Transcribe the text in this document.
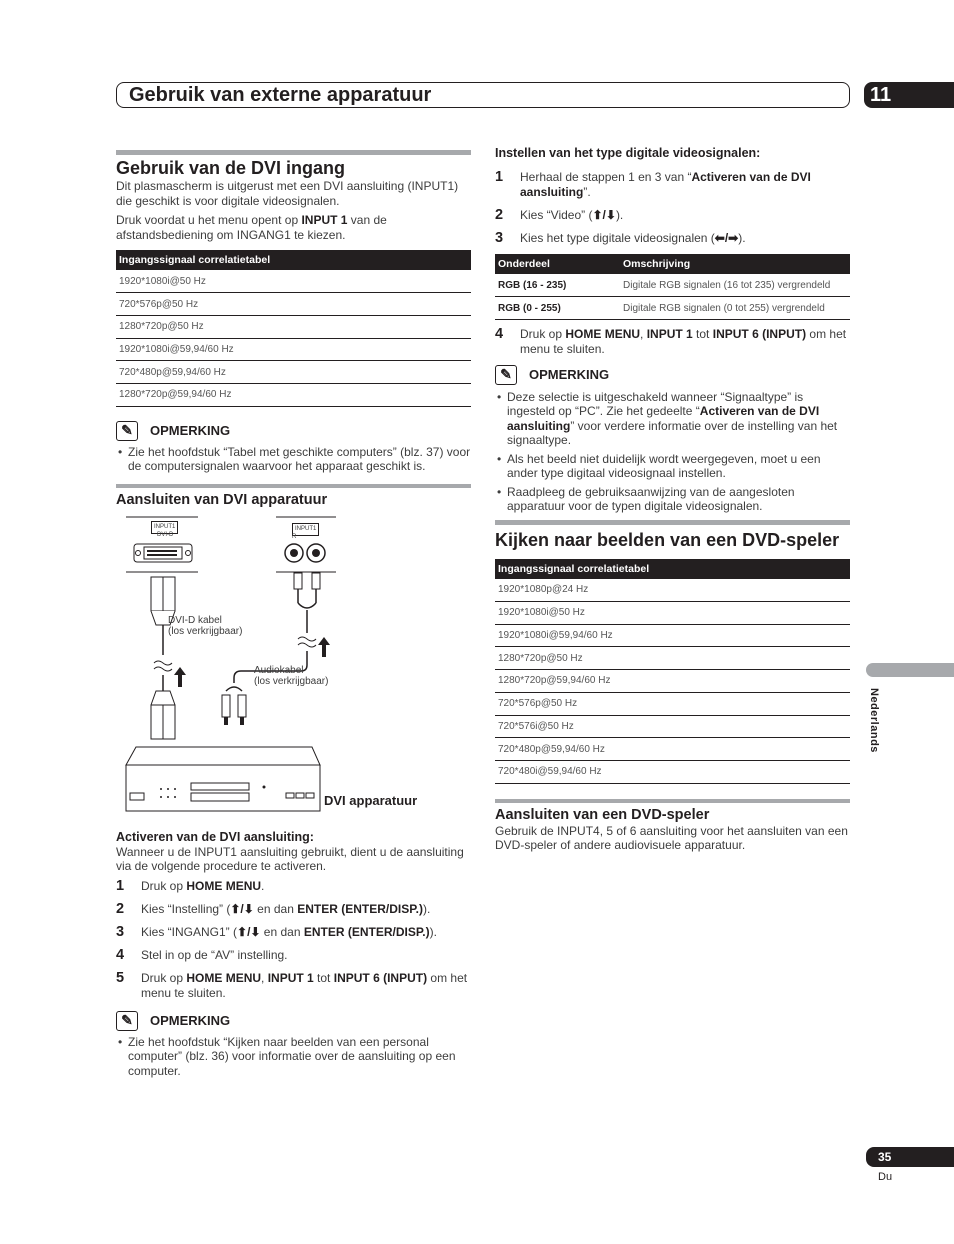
Gebruik van externe apparatuur	11
Gebruik van de DVI ingang

Dit plasmascherm is uitgerust met een DVI aansluiting (INPUT1) die geschikt is voor digitale videosignalen.

Druk voordat u het menu opent op INPUT 1 van de afstandsbediening om INGANG1 te kiezen.

Ingangssignaal correlatietabel
1920*1080i@50 Hz
720*576p@50 Hz
1280*720p@50 Hz
1920*1080i@59,94/60 Hz
720*480p@59,94/60 Hz
1280*720p@59,94/60 Hz
✎	OPMERKING
• Zie het hoofdstuk “Tabel met geschikte computers” (blz. 37) voor de computersignalen waarvoor het apparaat geschikt is.
Aansluiten van DVI apparatuur
INPUT1
DVI-D
INPUT1
R
DVI-D kabel
(los verkrijgbaar)
Audiokabel
(los verkrijgbaar)
DVI apparatuur
Activeren van de DVI aansluiting:

Wanneer u de INPUT1 aansluiting gebruikt, dient u de aansluiting via de volgende procedure te activeren.

1	Druk op HOME MENU.
2	Kies “Instelling” (⬆/⬇ en dan ENTER (ENTER/DISP.)).
3	Kies “INGANG1” (⬆/⬇ en dan ENTER (ENTER/DISP.)).
4	Stel in op de “AV” instelling.
5	Druk op HOME MENU, INPUT 1 tot INPUT 6 (INPUT) om het menu te sluiten.
✎	OPMERKING
• Zie het hoofdstuk “Kijken naar beelden van een personal computer” (blz. 36) voor informatie over de aansluiting op een computer.
Instellen van het type digitale videosignalen:
1	Herhaal de stappen 1 en 3 van “Activeren van de DVI aansluiting”.
2	Kies “Video” (⬆/⬇).
3	Kies het type digitale videosignalen (⬅/➡).
Onderdeel	Omschrijving
RGB (16 - 235)	Digitale RGB signalen (16 tot 235) vergrendeld
RGB (0 - 255)	Digitale RGB signalen (0 tot 255) vergrendeld
4	Druk op HOME MENU, INPUT 1 tot INPUT 6 (INPUT) om het menu te sluiten.
✎	OPMERKING
• Deze selectie is uitgeschakeld wanneer “Signaaltype” is ingesteld op “PC”. Zie het gedeelte “Activeren van de DVI aansluiting” voor verdere informatie over de instelling van het signaaltype.
• Als het beeld niet duidelijk wordt weergegeven, moet u een ander type digitaal videosignaal instellen.
• Raadpleeg de gebruiksaanwijzing van de aangesloten apparatuur voor de typen digitale videosignalen.
Kijken naar beelden van een DVD-speler
Ingangssignaal correlatietabel
1920*1080p@24 Hz
1920*1080i@50 Hz
1920*1080i@59,94/60 Hz
1280*720p@50 Hz
1280*720p@59,94/60 Hz
720*576p@50 Hz
720*576i@50 Hz
720*480p@59,94/60 Hz
720*480i@59,94/60 Hz
Aansluiten van een DVD-speler

Gebruik de INPUT4, 5 of 6 aansluiting voor het aansluiten van een DVD-speler of andere audiovisuele apparatuur.

Nederlands
35
Du
